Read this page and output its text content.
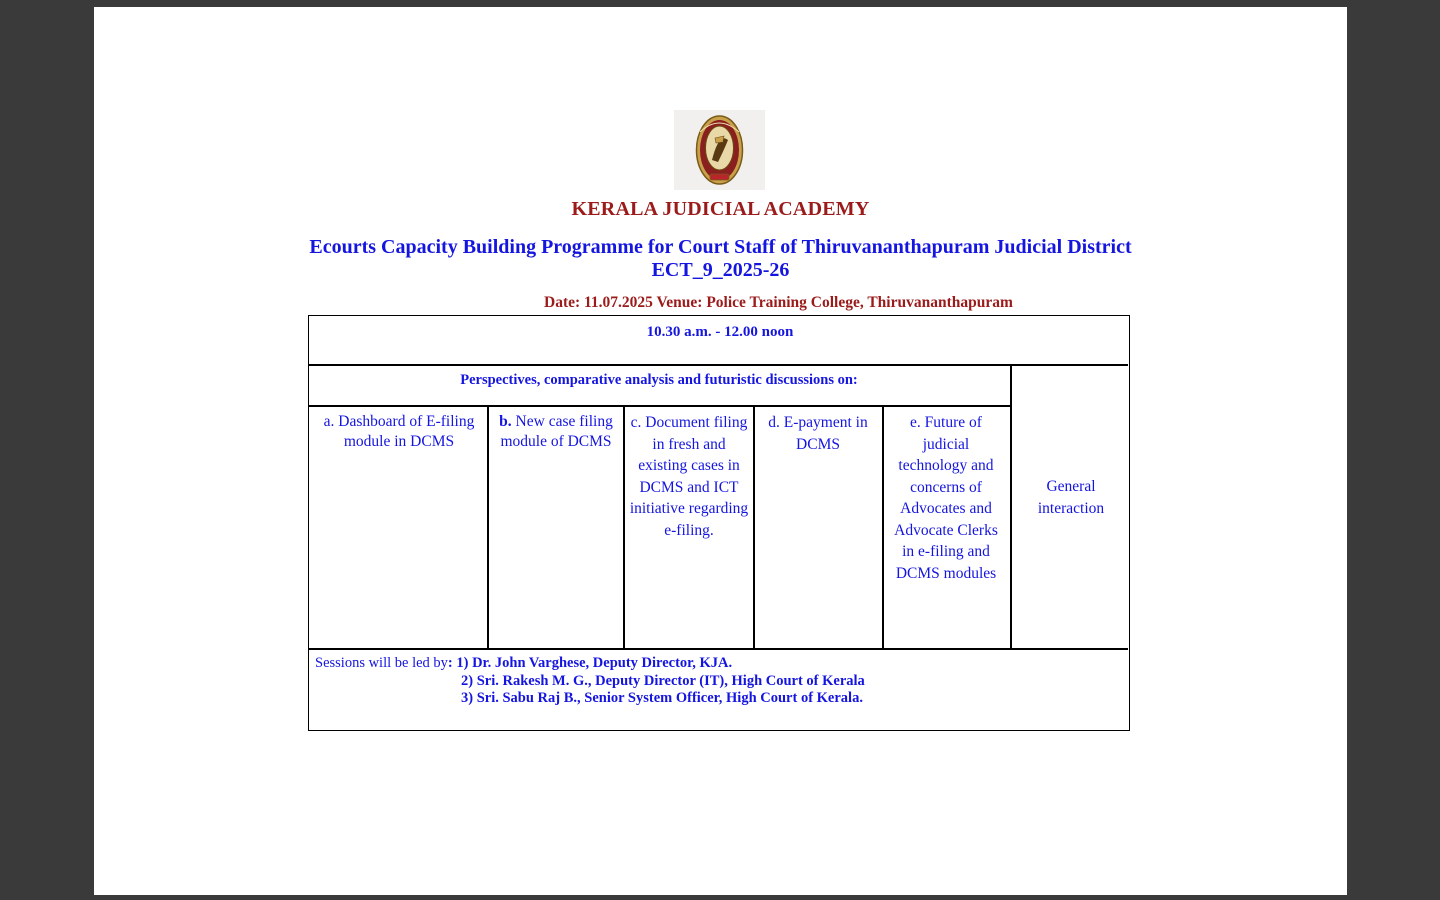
KERALA JUDICIAL ACADEMY
Ecourts Capacity Building Programme for Court Staff of Thiruvananthapuram Judicial District
ECT_9_2025-26
Date: 11.07.2025 Venue: Police Training College, Thiruvananthapuram
10.30 a.m. - 12.00 noon
Perspectives, comparative analysis and futuristic discussions on:
a. Dashboard of E-filing module in DCMS
b. New case filing module of DCMS
c. Document filing in fresh and existing cases in DCMS and ICT initiative regarding e-filing.
d. E-payment in DCMS
e. Future of judicial technology and concerns of Advocates and Advocate Clerks in e-filing and DCMS modules
General interaction
Sessions will be led by: 1) Dr. John Varghese, Deputy Director, KJA.
2) Sri. Rakesh M. G., Deputy Director (IT), High Court of Kerala
3) Sri. Sabu Raj B., Senior System Officer, High Court of Kerala.
